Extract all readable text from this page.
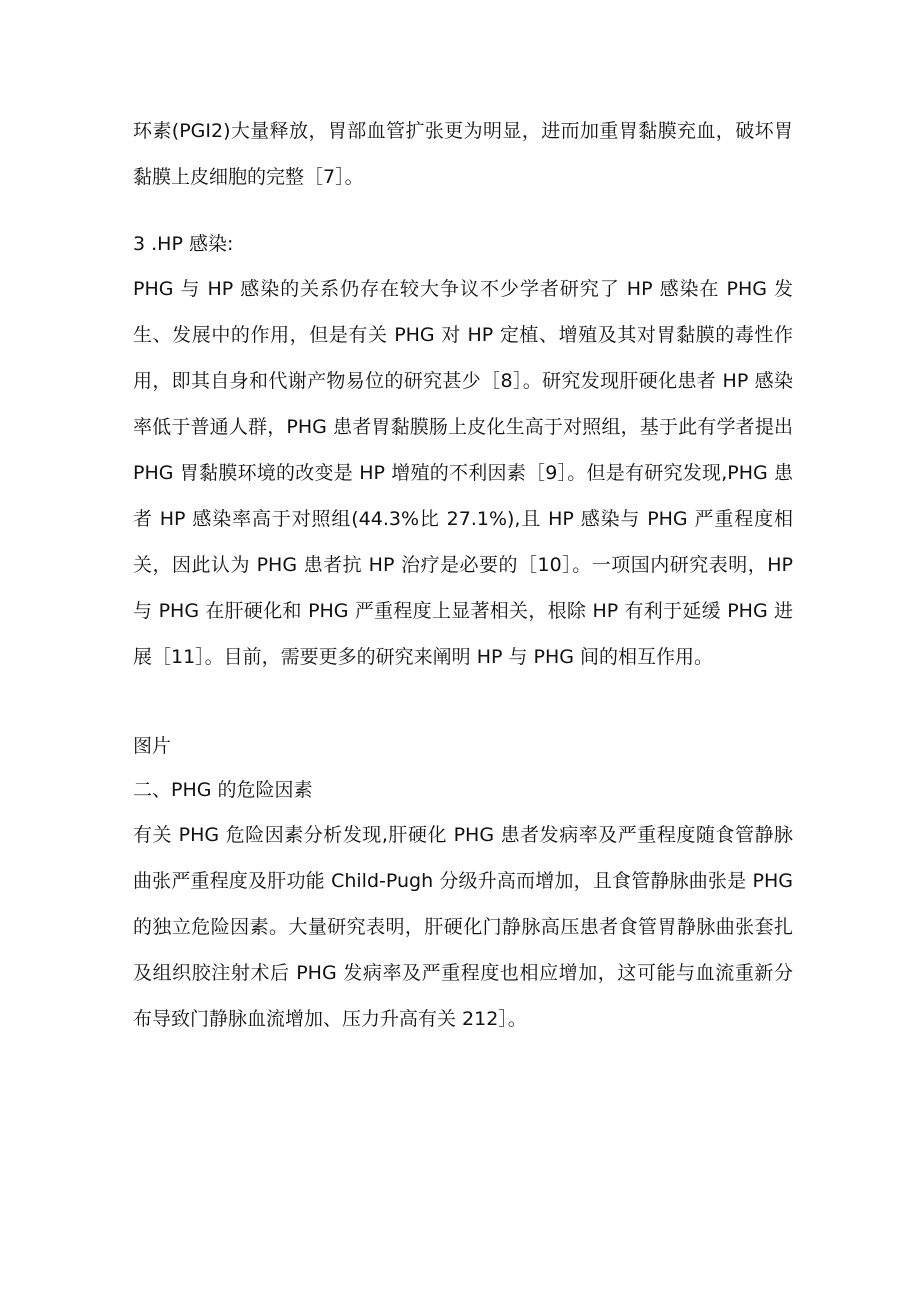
环素(PGI2)大量释放，胃部血管扩张更为明显，进而加重胃黏膜充血，破坏胃黏膜上皮细胞的完整［7］。

3 .HP 感染:

PHG 与 HP 感染的关系仍存在较大争议不少学者研究了 HP 感染在 PHG 发生、发展中的作用，但是有关 PHG 对 HP 定植、增殖及其对胃黏膜的毒性作用，即其自身和代谢产物易位的研究甚少［8］。研究发现肝硬化患者 HP 感染率低于普通人群，PHG 患者胃黏膜肠上皮化生高于对照组，基于此有学者提出 PHG 胃黏膜环境的改变是 HP 增殖的不利因素［9］。但是有研究发现,PHG 患者 HP 感染率高于对照组(44.3%比 27.1%),且 HP 感染与 PHG 严重程度相关，因此认为 PHG 患者抗 HP 治疗是必要的［10］。一项国内研究表明，HP 与 PHG 在肝硬化和 PHG 严重程度上显著相关，根除 HP 有利于延缓 PHG 进展［11］。目前，需要更多的研究来阐明 HP 与 PHG 间的相互作用。

图片

二、PHG 的危险因素

有关 PHG 危险因素分析发现,肝硬化 PHG 患者发病率及严重程度随食管静脉曲张严重程度及肝功能 Child-Pugh 分级升高而增加，且食管静脉曲张是 PHG 的独立危险因素。大量研究表明，肝硬化门静脉高压患者食管胃静脉曲张套扎及组织胶注射术后 PHG 发病率及严重程度也相应增加，这可能与血流重新分布导致门静脉血流增加、压力升高有关 212］。
